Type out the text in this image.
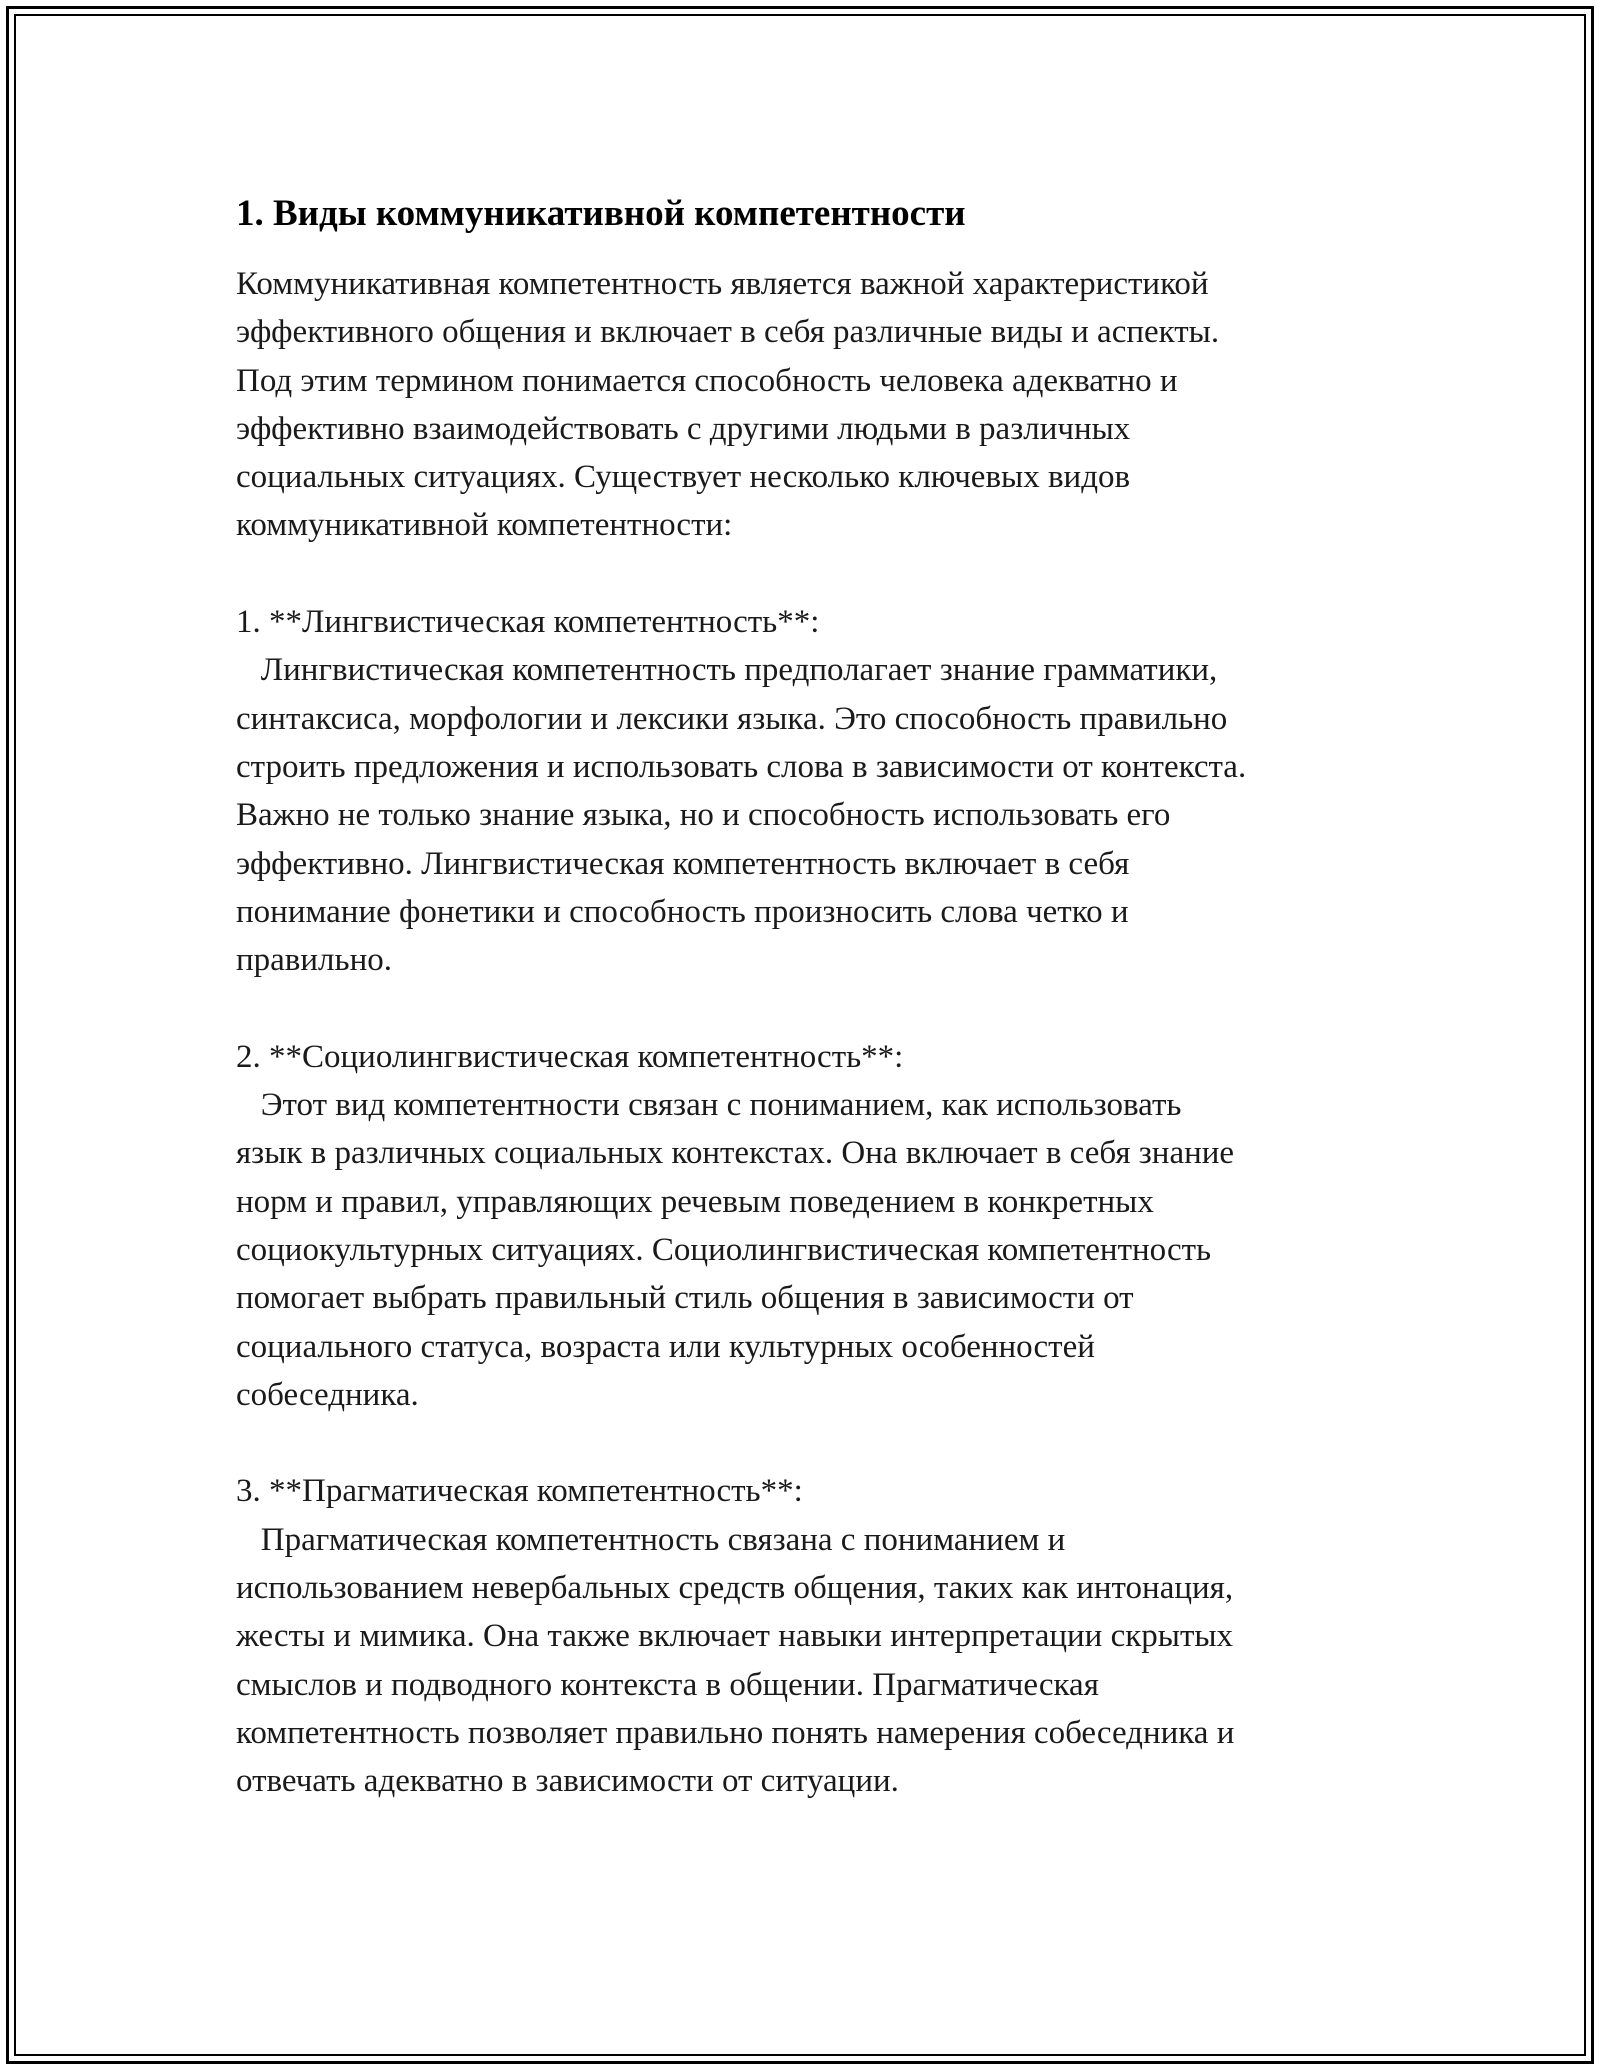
1. Виды коммуникативной компетентности

Коммуникативная компетентность является важной характеристикой
эффективного общения и включает в себя различные виды и аспекты.
Под этим термином понимается способность человека адекватно и
эффективно взаимодействовать с другими людьми в различных
социальных ситуациях. Существует несколько ключевых видов
коммуникативной компетентности:

1. **Лингвистическая компетентность**:

Лингвистическая компетентность предполагает знание грамматики,
синтаксиса, морфологии и лексики языка. Это способность правильно
строить предложения и использовать слова в зависимости от контекста.
Важно не только знание языка, но и способность использовать его
эффективно. Лингвистическая компетентность включает в себя
понимание фонетики и способность произносить слова четко и
правильно.

2. **Социолингвистическая компетентность**:

Этот вид компетентности связан с пониманием, как использовать
язык в различных социальных контекстах. Она включает в себя знание
норм и правил, управляющих речевым поведением в конкретных
социокультурных ситуациях. Социолингвистическая компетентность
помогает выбрать правильный стиль общения в зависимости от
социального статуса, возраста или культурных особенностей
собеседника.

3. **Прагматическая компетентность**:

Прагматическая компетентность связана с пониманием и
использованием невербальных средств общения, таких как интонация,
жесты и мимика. Она также включает навыки интерпретации скрытых
смыслов и подводного контекста в общении. Прагматическая
компетентность позволяет правильно понять намерения собеседника и
отвечать адекватно в зависимости от ситуации.
